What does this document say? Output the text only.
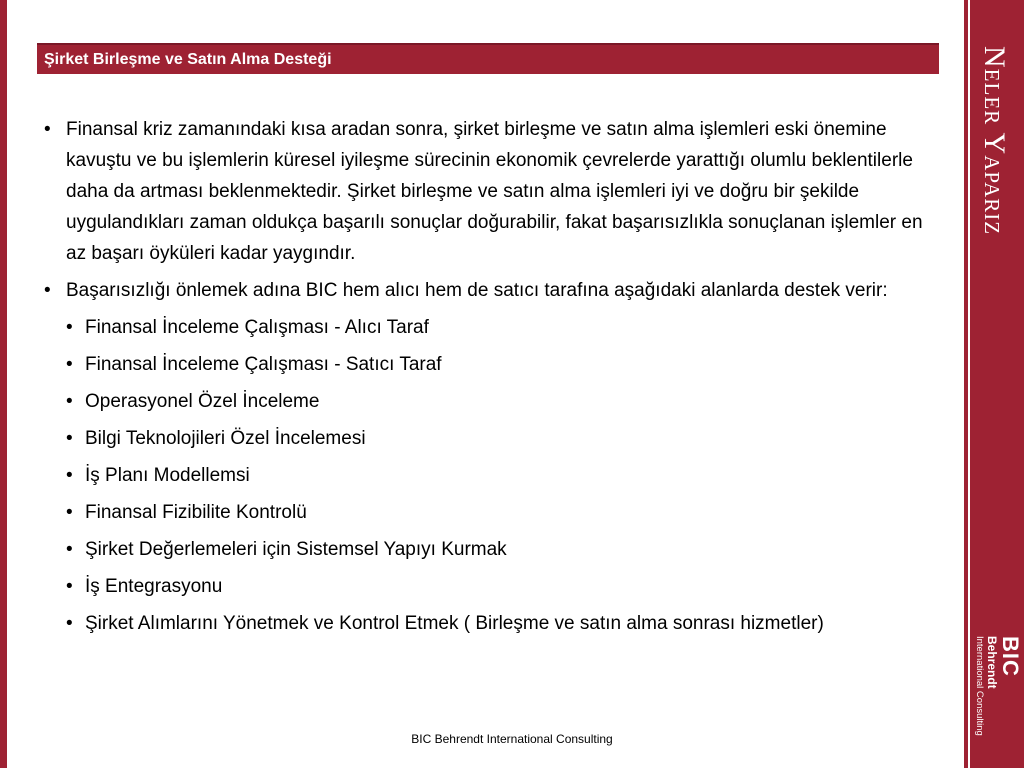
Neler Yaparız
BIC
Behrendt
International Consulting
Şirket Birleşme ve Satın Alma Desteği
• Finansal kriz zamanındaki kısa aradan sonra, şirket birleşme ve satın alma işlemleri eski önemine kavuştu ve bu işlemlerin küresel iyileşme sürecinin ekonomik çevrelerde yarattığı olumlu beklentilerle daha da artması beklenmektedir. Şirket birleşme ve satın alma işlemleri iyi ve doğru bir şekilde uygulandıkları zaman oldukça başarılı sonuçlar doğurabilir, fakat başarısızlıkla sonuçlanan işlemler en az başarı öyküleri kadar yaygındır.
• Başarısızlığı önlemek adına BIC hem alıcı hem de satıcı tarafına aşağıdaki alanlarda destek verir:
• Finansal İnceleme Çalışması - Alıcı Taraf
• Finansal İnceleme Çalışması - Satıcı Taraf
• Operasyonel Özel İnceleme
• Bilgi Teknolojileri Özel İncelemesi
• İş Planı Modellemsi
• Finansal Fizibilite Kontrolü
• Şirket Değerlemeleri için Sistemsel Yapıyı Kurmak
• İş Entegrasyonu
• Şirket Alımlarını Yönetmek ve Kontrol Etmek ( Birleşme ve satın alma sonrası hizmetler)
BIC Behrendt International Consulting
